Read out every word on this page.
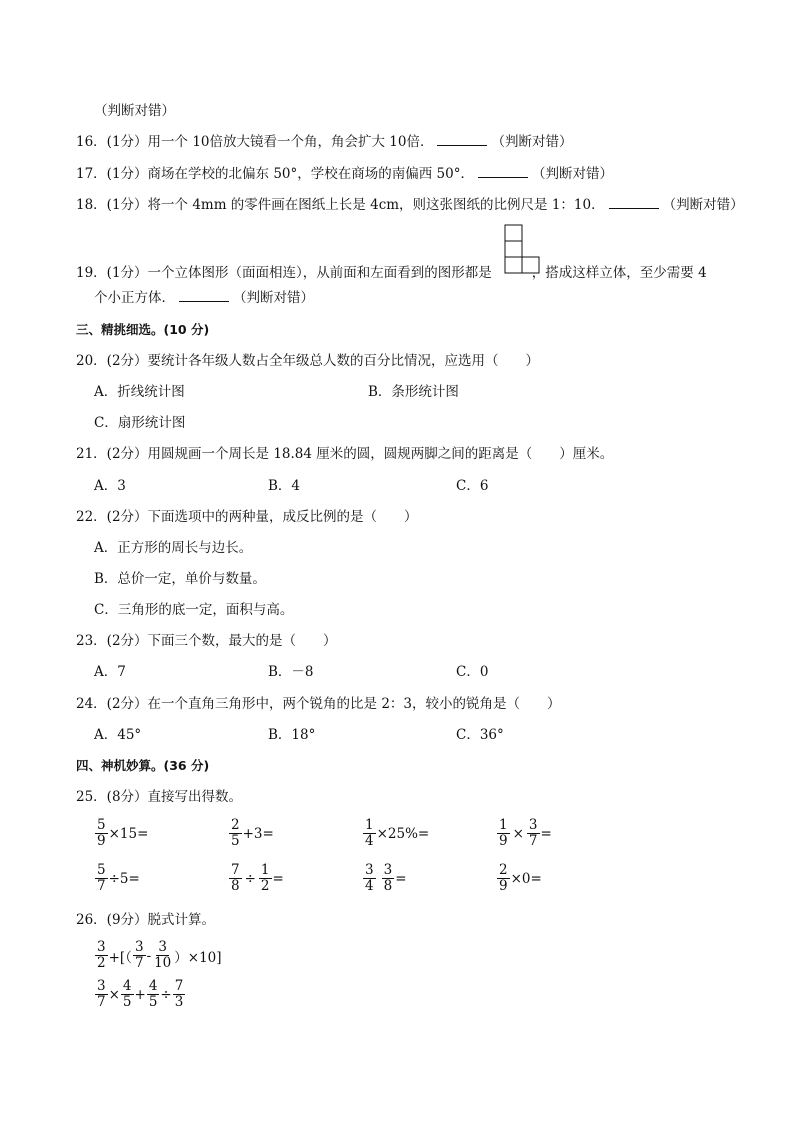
（判断对错）
16．(1分）用一个 10倍放大镜看一个角，角会扩大 10倍．	（判断对错）
17．(1分）商场在学校的北偏东 50°，学校在商场的南偏西 50°．	（判断对错）
18．(1分）将一个 4mm 的零件画在图纸上长是 4cm，则这张图纸的比例尺是 1：10．	（判断对错）
19．(1分）一个立体图形（面面相连），从前面和左面看到的图形都是	，搭成这样立体，至少需要 4
个小正方体．	（判断对错）
三、精挑细选。(10 分)
20．(2分）要统计各年级人数占全年级总人数的百分比情况，应选用（　　）
A．折线统计图	B．条形统计图
C．扇形统计图
21．(2分）用圆规画一个周长是 18.84 厘米的圆，圆规两脚之间的距离是（　　）厘米。
A．3	B．4	C．6
22．(2分）下面选项中的两种量，成反比例的是（　　）
A．正方形的周长与边长。
B．总价一定，单价与数量。
C．三角形的底一定，面积与高。
23．(2分）下面三个数，最大的是（　　）
A．7	B．－8	C．0
24．(2分）在一个直角三角形中，两个锐角的比是 2：3，较小的锐角是（　　）
A．45°	B．18°	C．36°
四、神机妙算。(36 分)
25．(8分）直接写出得数。
$\frac{5}{9} \times 15=$	$\frac{2}{5} +3=$	$\frac{1}{4} \times 25\%=$	$\frac{1}{9} \times \frac{3}{7}$ =
$\frac{5}{7} \div 5=$	$\frac{7}{8} \div \frac{1}{2}$ =	$\frac{3}{4} \frac{3}{8}$ =	$\frac{2}{9} \times 0=$
26．(9分）脱式计算。
$\frac{3}{2}$ +[（ $\frac{3}{7} - \frac{3}{10} )\times 10$]
$\frac{3}{7} \times \frac{4}{5} + \frac{4}{5} \div \frac{7}{3}$
